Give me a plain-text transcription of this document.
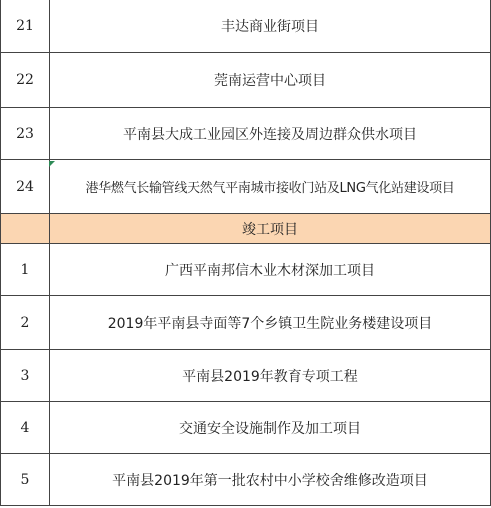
21	丰达商业街项目
22	莞南运营中心项目
23	平南县大成工业园区外连接及周边群众供水项目
24	港华燃气长输管线天然气平南城市接收门站及LNG气化站建设项目
竣工项目
1	广西平南邦信木业木材深加工项目
2	2019年平南县寺面等7个乡镇卫生院业务楼建设项目
3	平南县2019年教育专项工程
4	交通安全设施制作及加工项目
5	平南县2019年第一批农村中小学校舍维修改造项目
